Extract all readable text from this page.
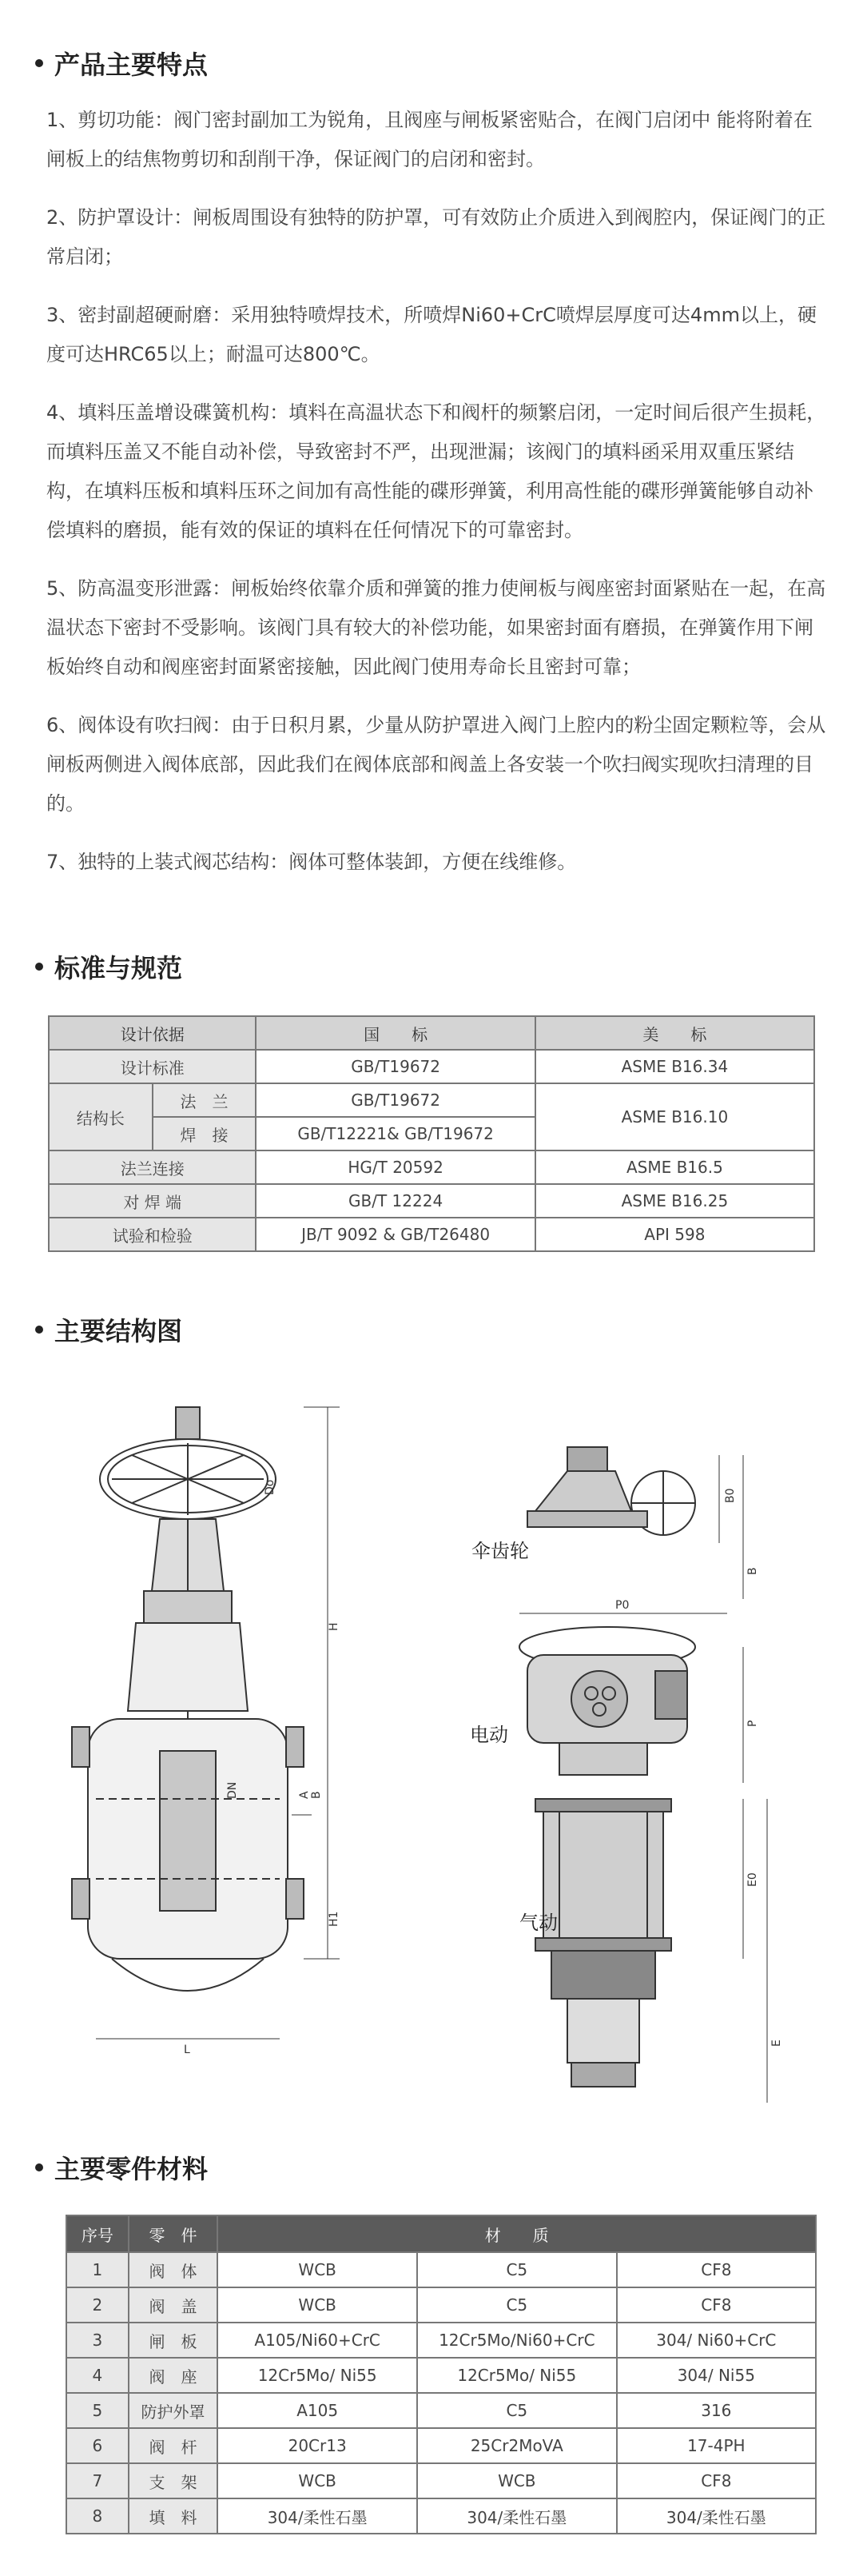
产品主要特点

1、剪切功能：阀门密封副加工为锐角，且阀座与闸板紧密贴合，在阀门启闭中 能将附着在闸板上的结焦物剪切和刮削干净，保证阀门的启闭和密封。

2、防护罩设计：闸板周围设有独特的防护罩，可有效防止介质进入到阀腔内，保证阀门的正常启闭；

3、密封副超硬耐磨：采用独特喷焊技术，所喷焊Ni60+CrC喷焊层厚度可达4mm以上，硬度可达HRC65以上；耐温可达800℃。

4、填料压盖增设碟簧机构：填料在高温状态下和阀杆的频繁启闭，一定时间后很产生损耗，而填料压盖又不能自动补偿，导致密封不严，出现泄漏；该阀门的填料函采用双重压紧结构，在填料压板和填料压环之间加有高性能的碟形弹簧，利用高性能的碟形弹簧能够自动补偿填料的磨损，能有效的保证的填料在任何情况下的可靠密封。

5、防高温变形泄露：闸板始终依靠介质和弹簧的推力使闸板与阀座密封面紧贴在一起，在高温状态下密封不受影响。该阀门具有较大的补偿功能，如果密封面有磨损，在弹簧作用下闸板始终自动和阀座密封面紧密接触，因此阀门使用寿命长且密封可靠；

6、阀体设有吹扫阀：由于日积月累，少量从防护罩进入阀门上腔内的粉尘固定颗粒等，会从闸板两侧进入阀体底部，因此我们在阀体底部和阀盖上各安装一个吹扫阀实现吹扫清理的目的。

7、独特的上装式阀芯结构：阀体可整体装卸，方便在线维修。

标准与规范
设计依据		国　　标	美　　标
设计标准		GB/T19672	ASME B16.34
结构长	法　兰	GB/T19672	ASME B16.10
	焊　接	GB/T12221& GB/T19672	
法兰连接		HG/T 20592	ASME B16.5
对 焊 端		GB/T 12224	ASME B16.25
试验和检验		JB/T 9092 & GB/T26480	API 598
主要结构图
Do
H
H1
DN	A B
L
B0
B
P0
P
E0
E
伞齿轮
电动
气动
主要零件材料
序号	零　件	材　　质		
1	阀　体	WCB	C5	CF8
2	阀　盖	WCB	C5	CF8
3	闸　板	A105/Ni60+CrC	12Cr5Mo/Ni60+CrC	304/ Ni60+CrC
4	阀　座	12Cr5Mo/ Ni55	12Cr5Mo/ Ni55	304/ Ni55
5	防护外罩	A105	C5	316
6	阀　杆	20Cr13	25Cr2MoVA	17-4PH
7	支　架	WCB	WCB	CF8
8	填　料	304/柔性石墨	304/柔性石墨	304/柔性石墨
